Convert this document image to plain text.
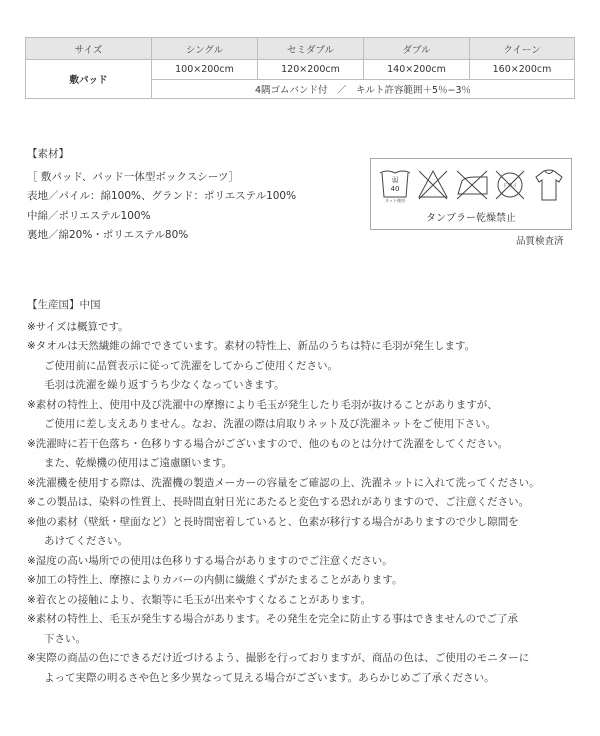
サイズ	シングル	セミダブル	ダブル	クイーン
敷パッド	100×200cm	120×200cm	140×200cm	160×200cm
	4隅ゴムバンド付　／　キルト許容範囲＋5％−3％			
【素材】
［ 敷パッド、パッド一体型ボックスシーツ］
表地／パイル：綿100%、グランド：ポリエステル100%
中綿／ポリエステル100%
裏地／綿20%・ポリエステル80%
弱
40
ネット使用
ドライ
タンブラー乾燥禁止
品質検査済
【生産国】中国
※サイズは概算です。
※タオルは天然繊維の綿でできています。素材の特性上、新品のうちは特に毛羽が発生します。
ご使用前に品質表示に従って洗濯をしてからご使用ください。
毛羽は洗濯を繰り返すうち少なくなっていきます。
※素材の特性上、使用中及び洗濯中の摩擦により毛玉が発生したり毛羽が抜けることがありますが、
ご使用に差し支えありません。なお、洗濯の際は肩取りネット及び洗濯ネットをご使用下さい。
※洗濯時に若干色落ち・色移りする場合がございますので、他のものとは分けて洗濯をしてください。
また、乾燥機の使用はご遠慮願います。
※洗濯機を使用する際は、洗濯機の製造メーカーの容量をご確認の上、洗濯ネットに入れて洗ってください。
※この製品は、染料の性質上、長時間直射日光にあたると変色する恐れがありますので、ご注意ください。
※他の素材（壁紙・壁面など）と長時間密着していると、色素が移行する場合がありますので少し隙間を
あけてください。
※湿度の高い場所での使用は色移りする場合がありますのでご注意ください。
※加工の特性上、摩擦によりカバーの内側に繊維くずがたまることがあります。
※着衣との接触により、衣類等に毛玉が出来やすくなることがあります。
※素材の特性上、毛玉が発生する場合があります。その発生を完全に防止する事はできませんのでご了承
下さい。
※実際の商品の色にできるだけ近づけるよう、撮影を行っておりますが、商品の色は、ご使用のモニターに
よって実際の明るさや色と多少異なって見える場合がございます。あらかじめご了承ください。
